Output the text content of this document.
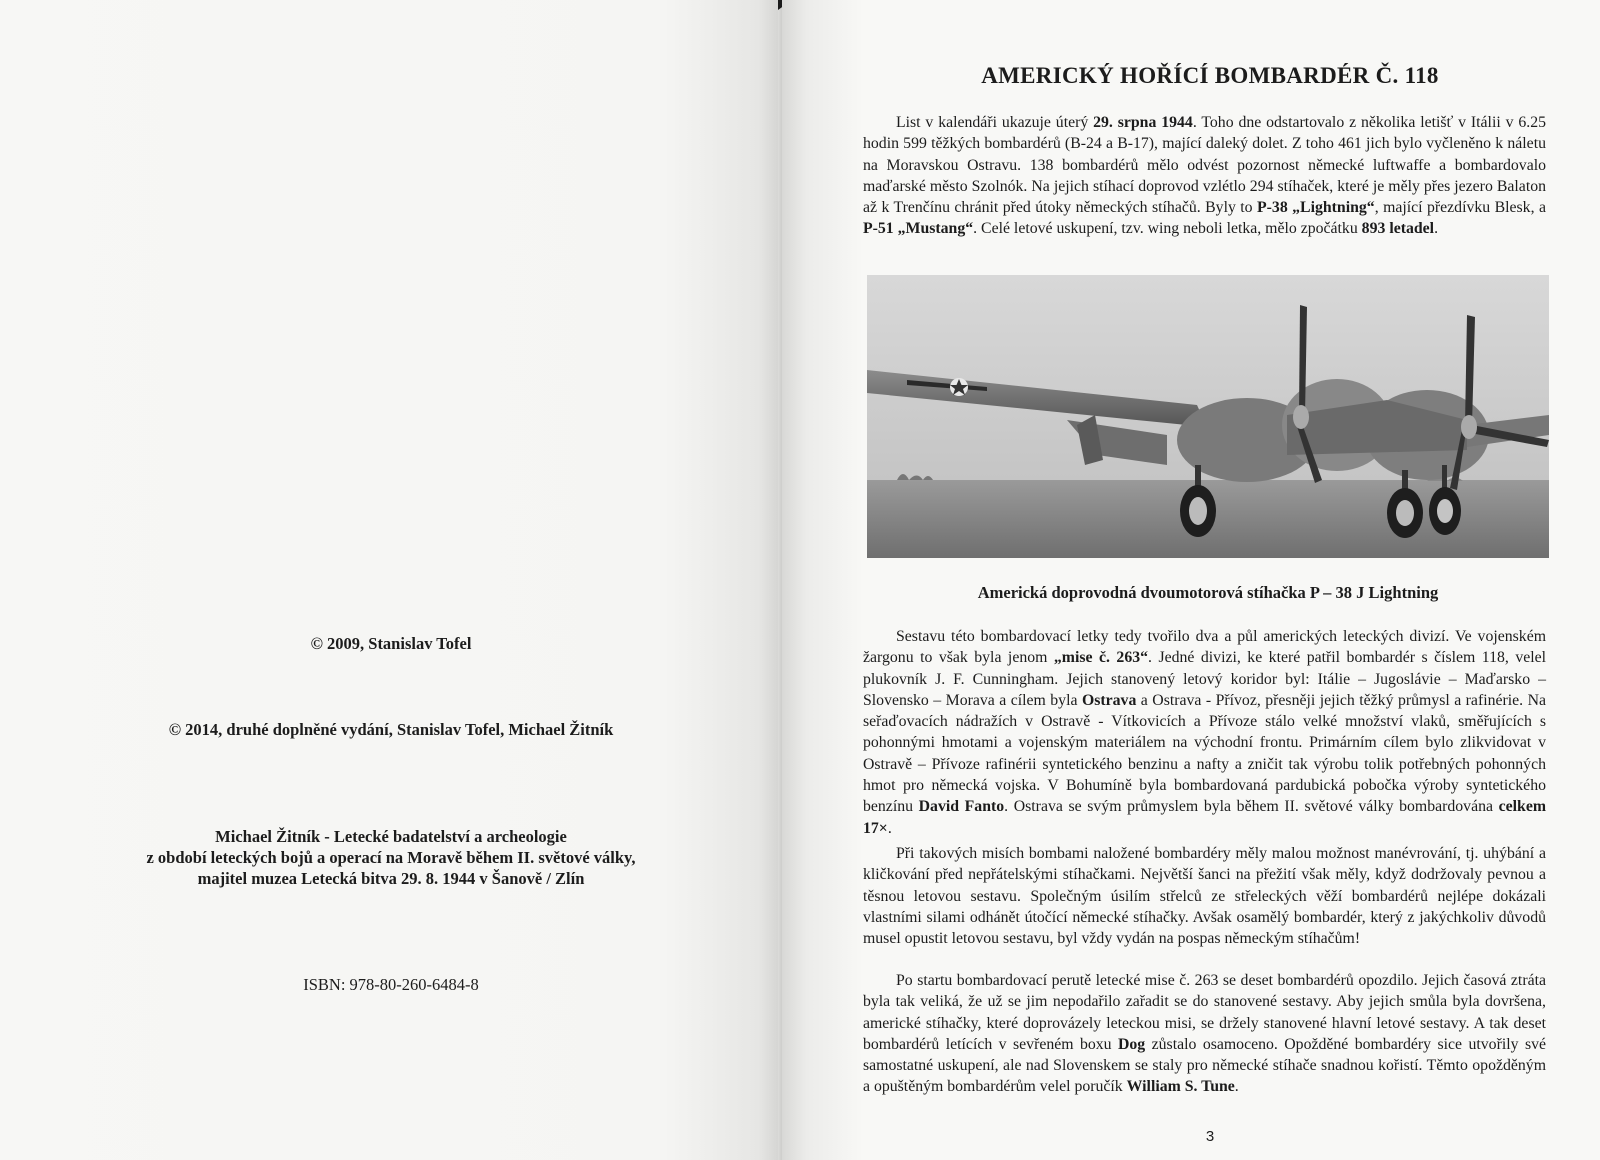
© 2009, Stanislav Tofel
© 2014, druhé doplněné vydání, Stanislav Tofel, Michael Žitník
Michael Žitník - Letecké badatelství a archeologie
z období leteckých bojů a operací na Moravě během II. světové války,
majitel muzea Letecká bitva 29. 8. 1944 v Šanově / Zlín
ISBN: 978-80-260-6484-8
AMERICKÝ HOŘÍCÍ BOMBARDÉR Č. 118

List v kalendáři ukazuje úterý 29. srpna 1944. Toho dne odstartovalo z několika letišť v Itálii v 6.25 hodin 599 těžkých bombardérů (B-24 a B-17), mající daleký dolet. Z toho 461 jich bylo vyčleněno k náletu na Moravskou Ostravu. 138 bombardérů mělo odvést pozornost německé luftwaffe a bombardovalo maďarské město Szolnók. Na jejich stíhací doprovod vzlétlo 294 stíhaček, které je měly přes jezero Balaton až k Trenčínu chránit před útoky německých stíhačů. Byly to P-38 „Lightning“, mající přezdívku Blesk, a P-51 „Mustang“. Celé letové uskupení, tzv. wing neboli letka, mělo zpočátku 893 letadel.

Americká doprovodná dvoumotorová stíhačka P – 38 J Lightning

Sestavu této bombardovací letky tedy tvořilo dva a půl amerických leteckých divizí. Ve vojenském žargonu to však byla jenom „mise č. 263“. Jedné divizi, ke které patřil bombardér s číslem 118, velel plukovník J. F. Cunningham. Jejich stanovený letový koridor byl: Itálie – Jugoslávie – Maďarsko – Slovensko – Morava a cílem byla Ostrava a Ostrava - Přívoz, přesněji jejich těžký průmysl a rafinérie. Na seřaďovacích nádražích v Ostravě - Vítkovicích a Přívoze stálo velké množství vlaků, směřujících s pohonnými hmotami a vojenským materiálem na východní frontu. Primárním cílem bylo zlikvidovat v Ostravě – Přívoze rafinérii syntetického benzinu a nafty a zničit tak výrobu tolik potřebných pohonných hmot pro německá vojska. V Bohumíně byla bombardovaná pardubická pobočka výroby syntetického benzínu David Fanto. Ostrava se svým průmyslem byla během II. světové války bombardována celkem 17×.

Při takových misích bombami naložené bombardéry měly malou možnost manévrování, tj. uhýbání a kličkování před nepřátelskými stíhačkami. Největší šanci na přežití však měly, když dodržovaly pevnou a těsnou letovou sestavu. Společným úsilím střelců ze střeleckých věží bombardérů nejlépe dokázali vlastními silami odhánět útočící německé stíhačky. Avšak osamělý bombardér, který z jakýchkoliv důvodů musel opustit letovou sestavu, byl vždy vydán na pospas německým stíhačům!

Po startu bombardovací perutě letecké mise č. 263 se deset bombardérů opozdilo. Jejich časová ztráta byla tak veliká, že už se jim nepodařilo zařadit se do stanovené sestavy. Aby jejich smůla byla dovršena, americké stíhačky, které doprovázely leteckou misi, se držely stanovené hlavní letové sestavy. A tak deset bombardérů letících v sevřeném boxu Dog zůstalo osamoceno. Opožděné bombardéry sice utvořily své samostatné uskupení, ale nad Slovenskem se staly pro německé stíhače snadnou kořistí. Těmto opožděným a opuštěným bombardérům velel poručík William S. Tune.

3
